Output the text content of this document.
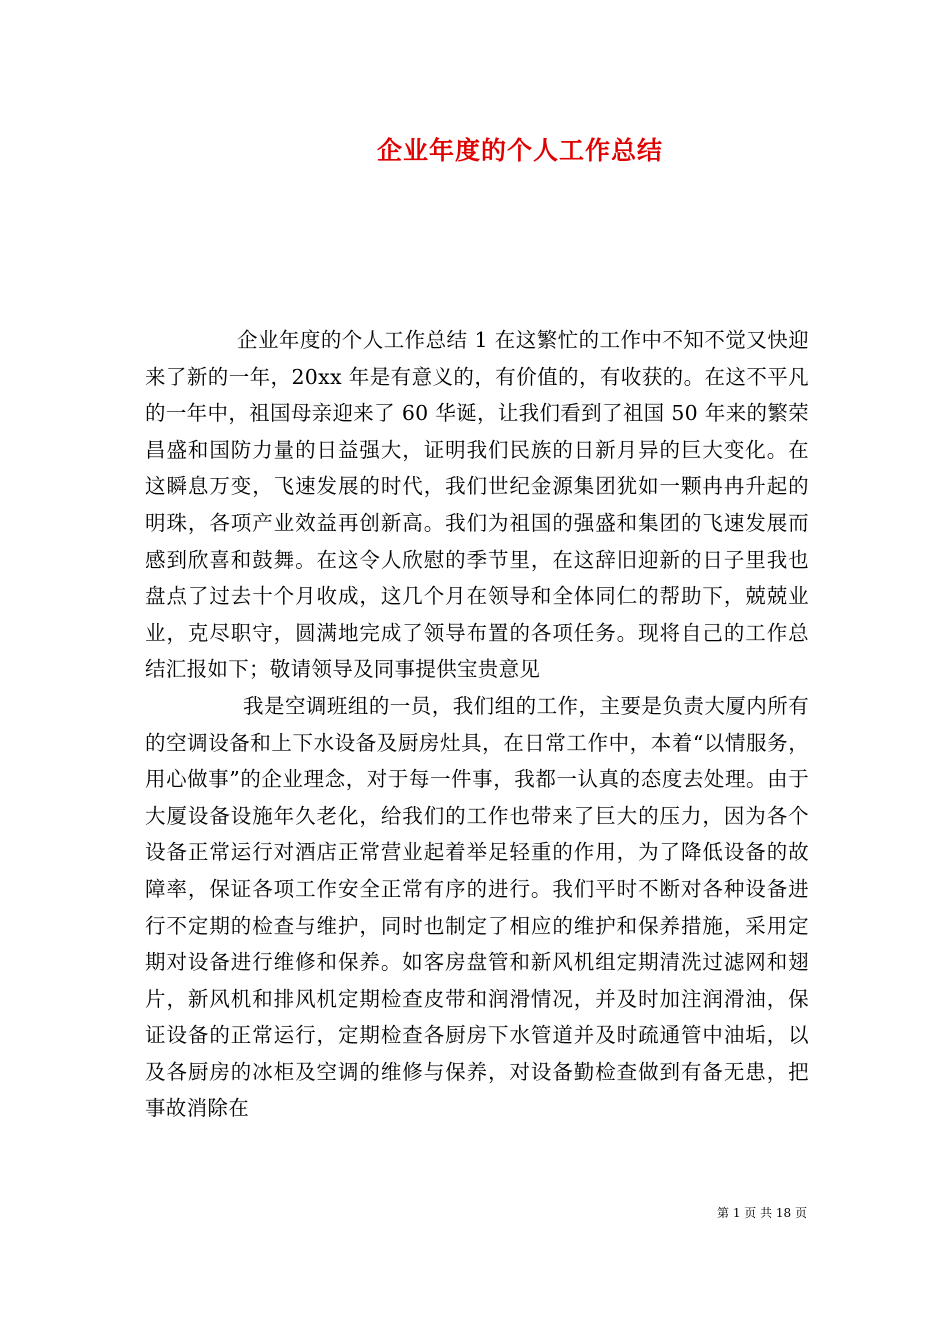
企业年度的个人工作总结

企业年度的个人工作总结 1 在这繁忙的工作中不知不觉又快迎来了新的一年，20xx 年是有意义的，有价值的，有收获的。在这不平凡的一年中，祖国母亲迎来了 60 华诞，让我们看到了祖国 50 年来的繁荣昌盛和国防力量的日益强大，证明我们民族的日新月异的巨大变化。在这瞬息万变，飞速发展的时代，我们世纪金源集团犹如一颗冉冉升起的明珠，各项产业效益再创新高。我们为祖国的强盛和集团的飞速发展而感到欣喜和鼓舞。在这令人欣慰的季节里，在这辞旧迎新的日子里我也盘点了过去十个月收成，这几个月在领导和全体同仁的帮助下，兢兢业业，克尽职守，圆满地完成了领导布置的各项任务。现将自己的工作总结汇报如下；敬请领导及同事提供宝贵意见

我是空调班组的一员，我们组的工作，主要是负责大厦内所有的空调设备和上下水设备及厨房灶具，在日常工作中，本着“以情服务，用心做事”的企业理念，对于每一件事，我都一认真的态度去处理。由于大厦设备设施年久老化，给我们的工作也带来了巨大的压力，因为各个设备正常运行对酒店正常营业起着举足轻重的作用，为了降低设备的故障率，保证各项工作安全正常有序的进行。我们平时不断对各种设备进行不定期的检查与维护，同时也制定了相应的维护和保养措施，采用定期对设备进行维修和保养。如客房盘管和新风机组定期清洗过滤网和翅片，新风机和排风机定期检查皮带和润滑情况，并及时加注润滑油，保证设备的正常运行，定期检查各厨房下水管道并及时疏通管中油垢，以及各厨房的冰柜及空调的维修与保养，对设备勤检查做到有备无患，把事故消除在

第 1 页 共 18 页
